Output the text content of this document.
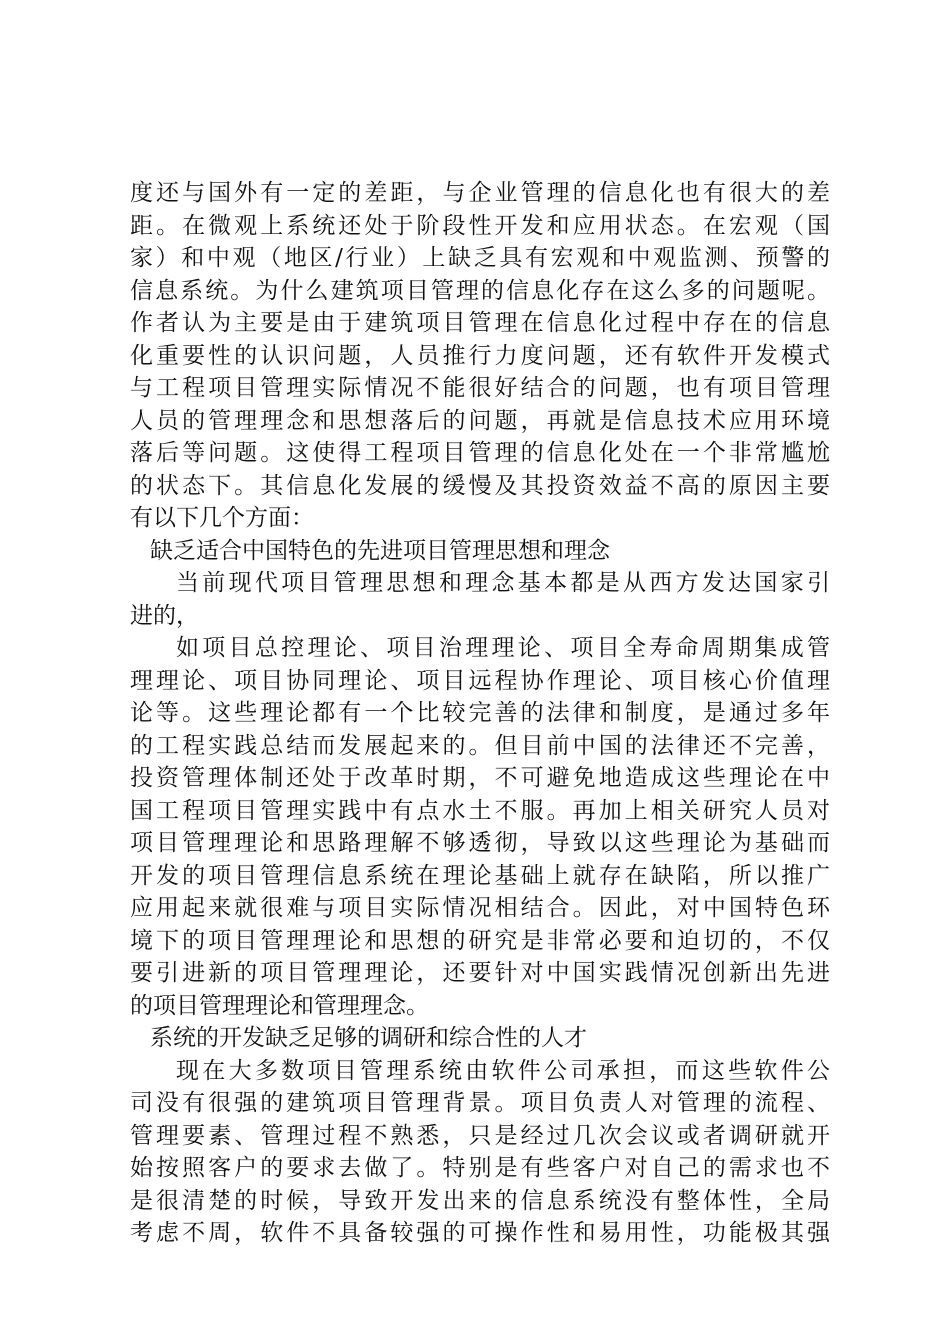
度还与国外有一定的差距，与企业管理的信息化也有很大的差
距。在微观上系统还处于阶段性开发和应用状态。在宏观（国
家）和中观（地区/行业）上缺乏具有宏观和中观监测、预警的
信息系统。为什么建筑项目管理的信息化存在这么多的问题呢。
作者认为主要是由于建筑项目管理在信息化过程中存在的信息
化重要性的认识问题，人员推行力度问题，还有软件开发模式
与工程项目管理实际情况不能很好结合的问题，也有项目管理
人员的管理理念和思想落后的问题，再就是信息技术应用环境
落后等问题。这使得工程项目管理的信息化处在一个非常尴尬
的状态下。其信息化发展的缓慢及其投资效益不高的原因主要
有以下几个方面：
缺乏适合中国特色的先进项目管理思想和理念
当前现代项目管理思想和理念基本都是从西方发达国家引
进的，
如项目总控理论、项目治理理论、项目全寿命周期集成管
理理论、项目协同理论、项目远程协作理论、项目核心价值理
论等。这些理论都有一个比较完善的法律和制度，是通过多年
的工程实践总结而发展起来的。但目前中国的法律还不完善，
投资管理体制还处于改革时期，不可避免地造成这些理论在中
国工程项目管理实践中有点水土不服。再加上相关研究人员对
项目管理理论和思路理解不够透彻，导致以这些理论为基础而
开发的项目管理信息系统在理论基础上就存在缺陷，所以推广
应用起来就很难与项目实际情况相结合。因此，对中国特色环
境下的项目管理理论和思想的研究是非常必要和迫切的，不仅
要引进新的项目管理理论，还要针对中国实践情况创新出先进
的项目管理理论和管理理念。
系统的开发缺乏足够的调研和综合性的人才
现在大多数项目管理系统由软件公司承担，而这些软件公
司没有很强的建筑项目管理背景。项目负责人对管理的流程、
管理要素、管理过程不熟悉，只是经过几次会议或者调研就开
始按照客户的要求去做了。特别是有些客户对自己的需求也不
是很清楚的时候，导致开发出来的信息系统没有整体性，全局
考虑不周，软件不具备较强的可操作性和易用性，功能极其强
